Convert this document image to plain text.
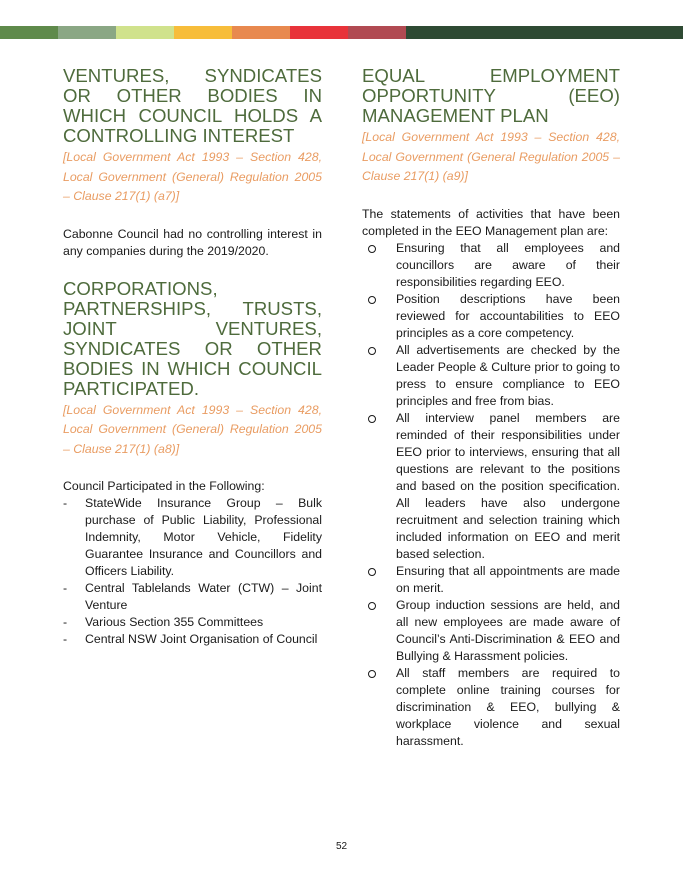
VENTURES, SYNDICATES OR OTHER BODIES IN WHICH COUNCIL HOLDS A CONTROLLING INTEREST

[Local Government Act 1993 – Section 428, Local Government (General) Regulation 2005 – Clause 217(1) (a7)]

Cabonne Council had no controlling interest in any companies during the 2019/2020.

CORPORATIONS, PARTNERSHIPS, TRUSTS, JOINT VENTURES, SYNDICATES OR OTHER BODIES IN WHICH COUNCIL PARTICIPATED.

[Local Government Act 1993 – Section 428, Local Government (General) Regulation 2005 – Clause 217(1) (a8)]

Council Participated in the Following:

- StateWide Insurance Group – Bulk purchase of Public Liability, Professional Indemnity, Motor Vehicle, Fidelity Guarantee Insurance and Councillors and Officers Liability.
- Central Tablelands Water (CTW) – Joint Venture
- Various Section 355 Committees
- Central NSW Joint Organisation of Council
EQUAL EMPLOYMENT OPPORTUNITY (EEO) MANAGEMENT PLAN

[Local Government Act 1993 – Section 428, Local Government (General Regulation 2005 – Clause 217(1) (a9)]

The statements of activities that have been completed in the EEO Management plan are:

Ensuring that all employees and councillors are aware of their responsibilities regarding EEO.
Position descriptions have been reviewed for accountabilities to EEO principles as a core competency.
All advertisements are checked by the Leader People & Culture prior to going to press to ensure compliance to EEO principles and free from bias.
All interview panel members are reminded of their responsibilities under EEO prior to interviews, ensuring that all questions are relevant to the positions and based on the position specification. All leaders have also undergone recruitment and selection training which included information on EEO and merit based selection.
Ensuring that all appointments are made on merit.
Group induction sessions are held, and all new employees are made aware of Council’s Anti-Discrimination & EEO and Bullying & Harassment policies.
All staff members are required to complete online training courses for discrimination & EEO, bullying & workplace violence and sexual harassment.
52
